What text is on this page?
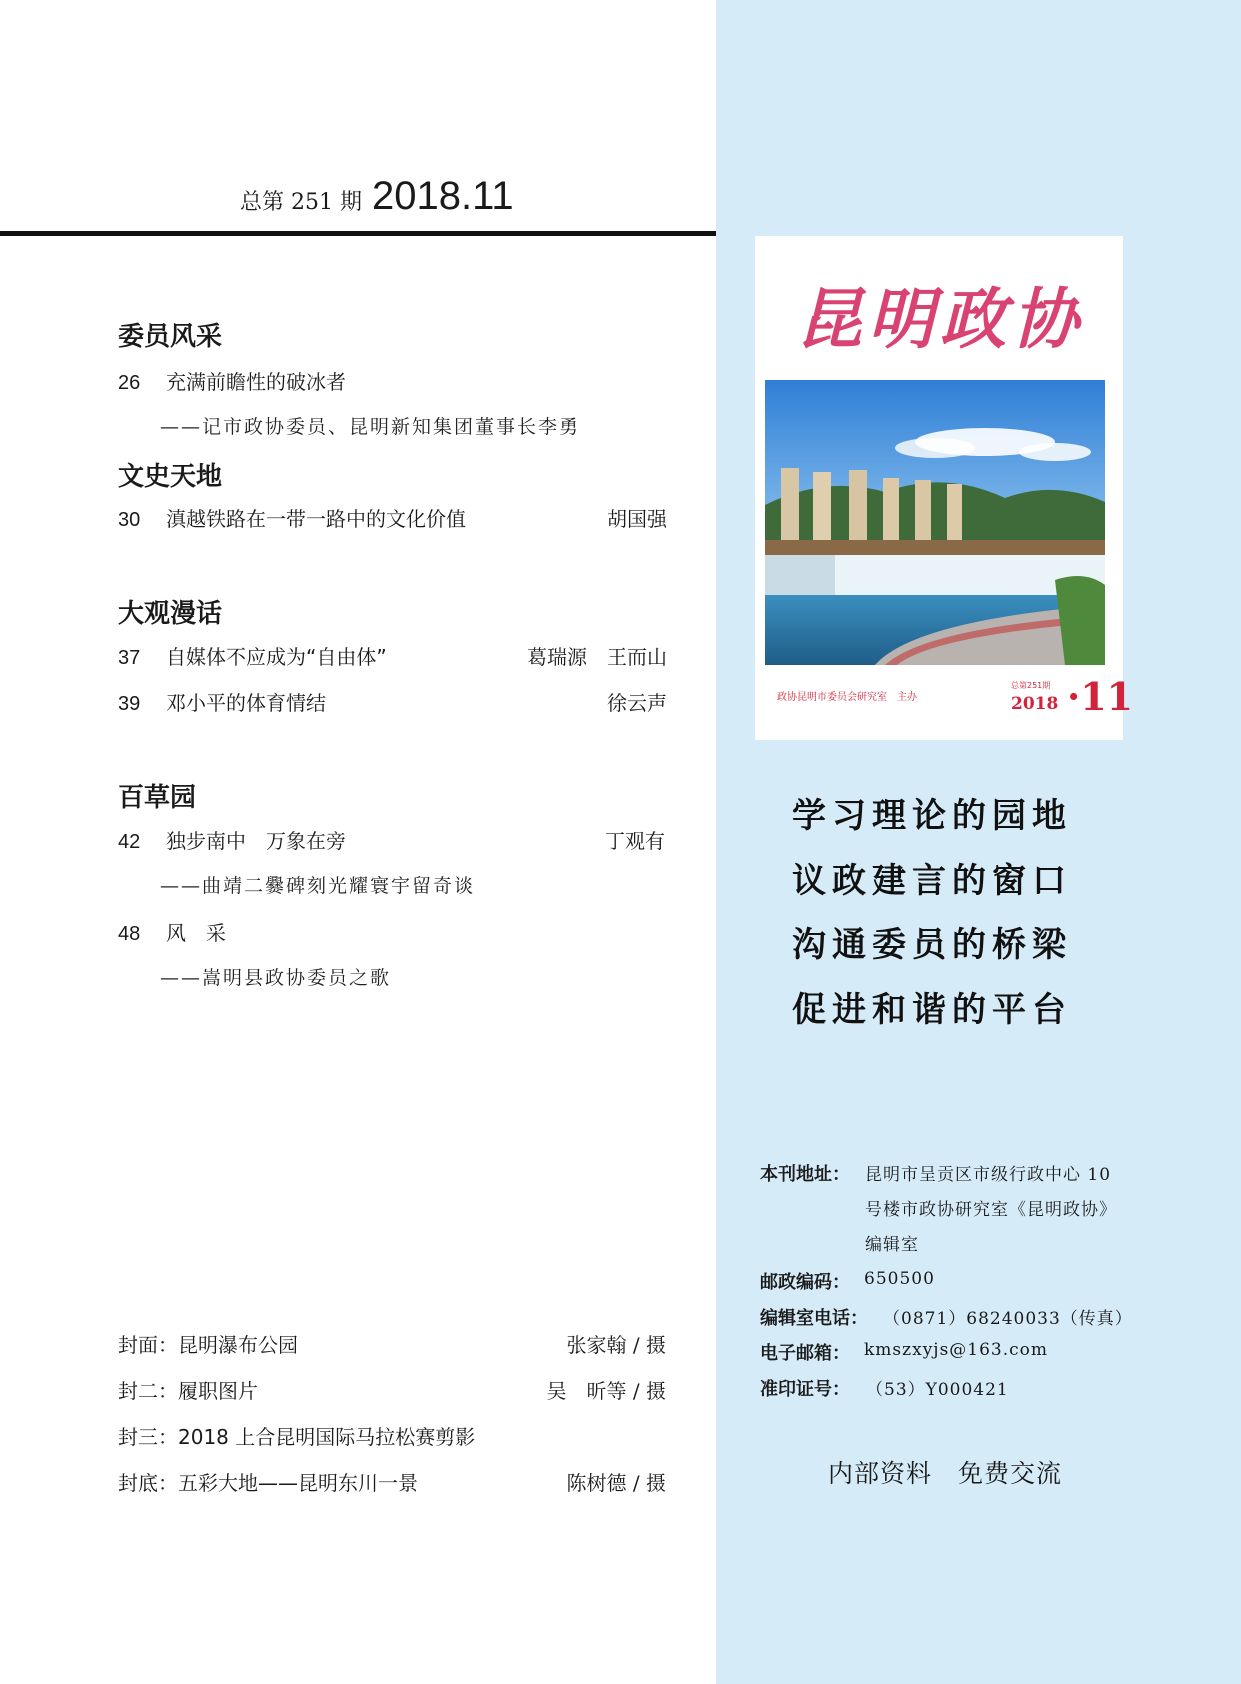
总第 251 期 2018.11
委员风采
26 充满前瞻性的破冰者
——记市政协委员、昆明新知集团董事长李勇
文史天地
30 滇越铁路在一带一路中的文化价值	胡国强
大观漫话
37 自媒体不应成为“自由体”	葛瑞源　王而山
39 邓小平的体育情结	徐云声
百草园
42 独步南中　万象在旁	丁观有
——曲靖二爨碑刻光耀寰宇留奇谈
48 风　采
——嵩明县政协委员之歌
封面：昆明瀑布公园	张家翰 / 摄
封二：履职图片	吴　昕等 / 摄
封三：2018 上合昆明国际马拉松赛剪影
封底：五彩大地——昆明东川一景	陈树德 / 摄
昆明政协
政协昆明市委员会研究室　主办
总第251期
2018 ·11
学习理论的园地
议政建言的窗口
沟通委员的桥梁
促进和谐的平台
本刊地址： 昆明市呈贡区市级行政中心 10
号楼市政协研究室《昆明政协》
编辑室
邮政编码： 650500
编辑室电话： （0871）68240033（传真）
电子邮箱： kmszxyjs@163.com
准印证号： （53）Y000421
内部资料　免费交流
